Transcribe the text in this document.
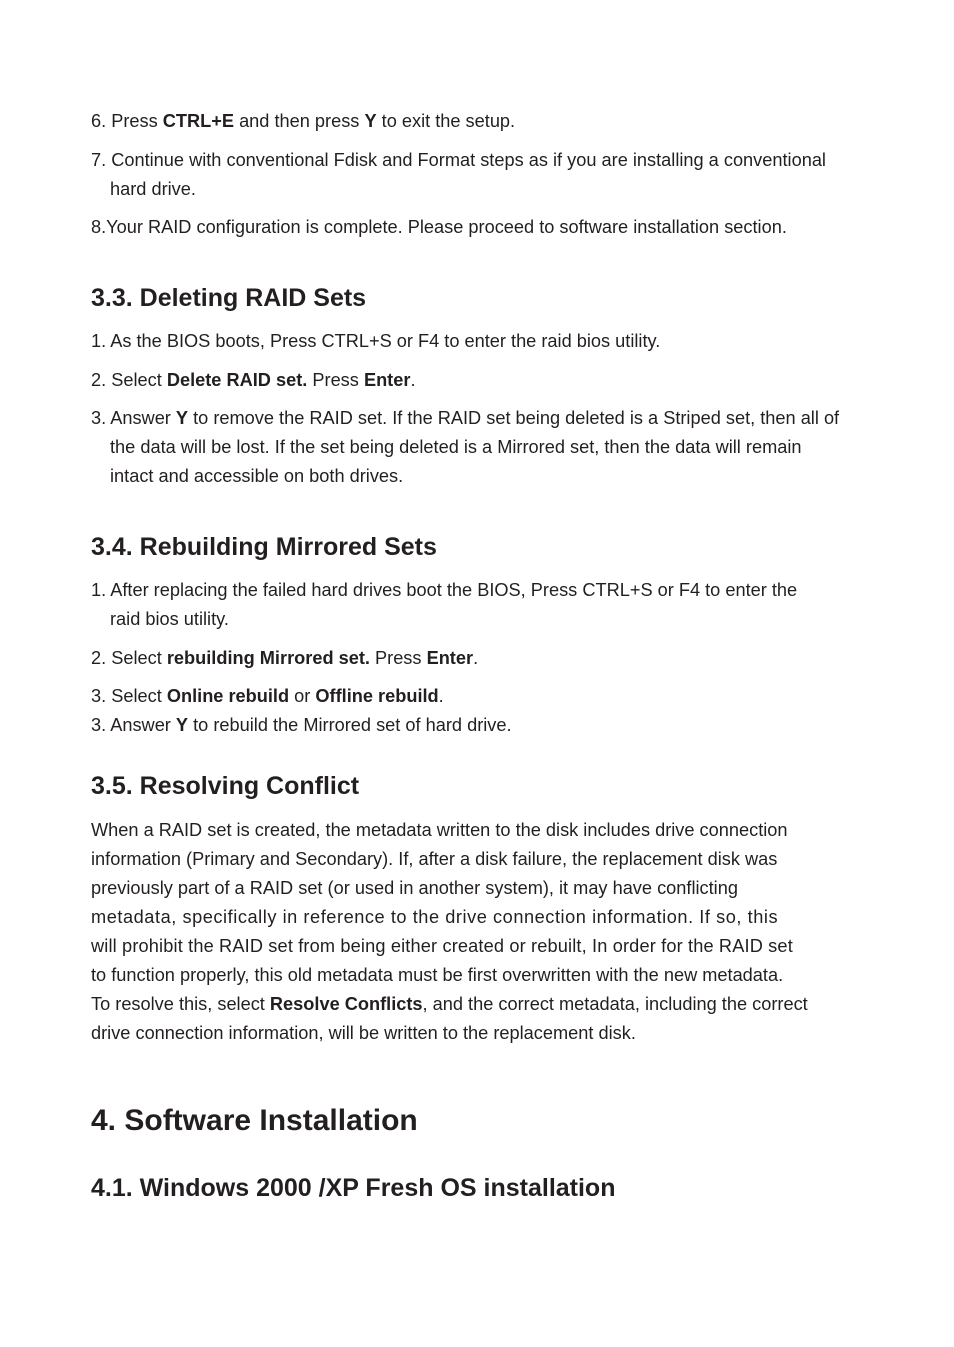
6. Press CTRL+E and then press Y to exit the setup.
7. Continue with conventional Fdisk and Format steps as if you are installing a conventional
hard drive.
8.Your RAID configuration is complete. Please proceed to software installation section.
3.3. Deleting RAID Sets
1. As the BIOS boots, Press CTRL+S or F4 to enter the raid bios utility.
2. Select Delete RAID set. Press Enter.
3. Answer Y to remove the RAID set. If the RAID set being deleted is a Striped set, then all of
the data will be lost. If the set being deleted is a Mirrored set, then the data will remain
intact and accessible on both drives.
3.4. Rebuilding Mirrored Sets
1. After replacing the failed hard drives boot the BIOS, Press CTRL+S or F4 to enter the
raid bios utility.
2. Select rebuilding Mirrored set. Press Enter.
3. Select Online rebuild or Offline rebuild.
3. Answer Y to rebuild the Mirrored set of hard drive.
3.5. Resolving Conflict
When a RAID set is created, the metadata written to the disk includes drive connection
information (Primary and Secondary). If, after a disk failure, the replacement disk was
previously part of a RAID set (or used in another system), it may have conflicting
metadata, specifically in reference to the drive connection information. If so, this
will prohibit the RAID set from being either created or rebuilt, In order for the RAID set
to function properly, this old metadata must be first overwritten with the new metadata.
To resolve this, select Resolve Conflicts, and the correct metadata, including the correct
drive connection information, will be written to the replacement disk.
4. Software Installation
4.1. Windows 2000 /XP Fresh OS installation
